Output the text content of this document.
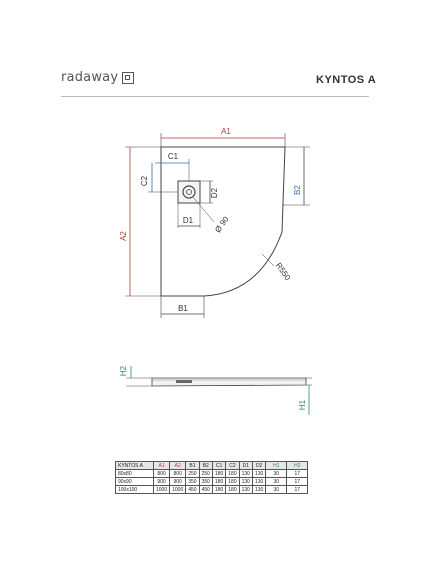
radaway	KYNTOS A
A1
C1
C2
D1
D2
Ø 90
A2
B1
B2
R550
H2
H1
KYNTOS A	A1	A2	B1	B2	C1	C2	D1	D2	H1	H2
80x80	800	800	250	250	180	180	130	130	30	17
90x90	900	900	350	350	180	180	130	130	30	17
100x100	1000	1000	450	450	180	180	130	130	30	17
